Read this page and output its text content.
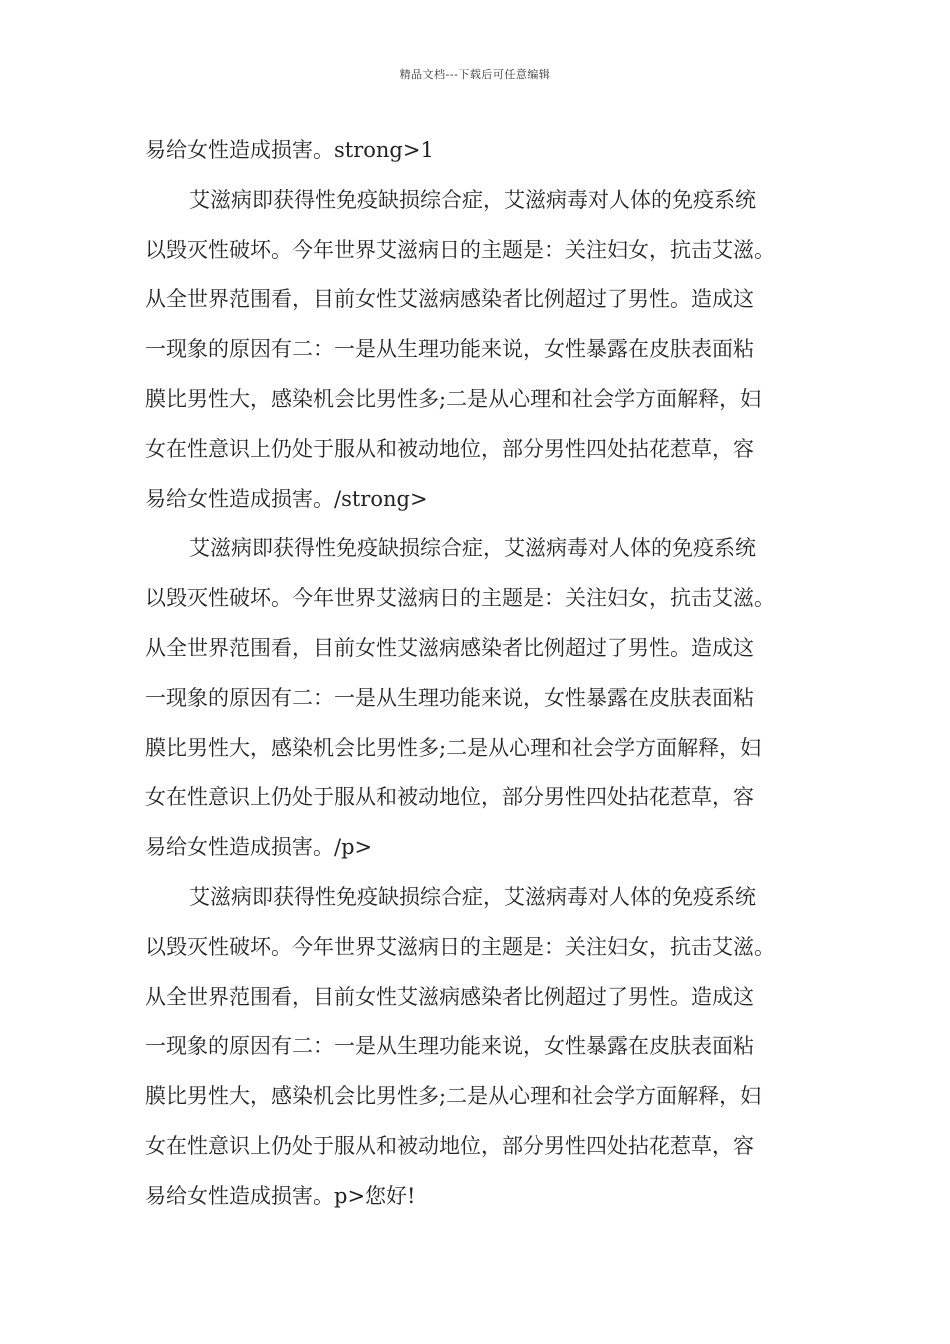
精品文档---下载后可任意编辑
易给女性造成损害。strong>1
艾滋病即获得性免疫缺损综合症，艾滋病毒对人体的免疫系统
以毁灭性破坏。今年世界艾滋病日的主题是：关注妇女，抗击艾滋。
从全世界范围看，目前女性艾滋病感染者比例超过了男性。造成这
一现象的原因有二：一是从生理功能来说，女性暴露在皮肤表面粘
膜比男性大，感染机会比男性多;二是从心理和社会学方面解释，妇
女在性意识上仍处于服从和被动地位，部分男性四处拈花惹草，容
易给女性造成损害。/strong>
艾滋病即获得性免疫缺损综合症，艾滋病毒对人体的免疫系统
以毁灭性破坏。今年世界艾滋病日的主题是：关注妇女，抗击艾滋。
从全世界范围看，目前女性艾滋病感染者比例超过了男性。造成这
一现象的原因有二：一是从生理功能来说，女性暴露在皮肤表面粘
膜比男性大，感染机会比男性多;二是从心理和社会学方面解释，妇
女在性意识上仍处于服从和被动地位，部分男性四处拈花惹草，容
易给女性造成损害。/p>
艾滋病即获得性免疫缺损综合症，艾滋病毒对人体的免疫系统
以毁灭性破坏。今年世界艾滋病日的主题是：关注妇女，抗击艾滋。
从全世界范围看，目前女性艾滋病感染者比例超过了男性。造成这
一现象的原因有二：一是从生理功能来说，女性暴露在皮肤表面粘
膜比男性大，感染机会比男性多;二是从心理和社会学方面解释，妇
女在性意识上仍处于服从和被动地位，部分男性四处拈花惹草，容
易给女性造成损害。p>您好!
